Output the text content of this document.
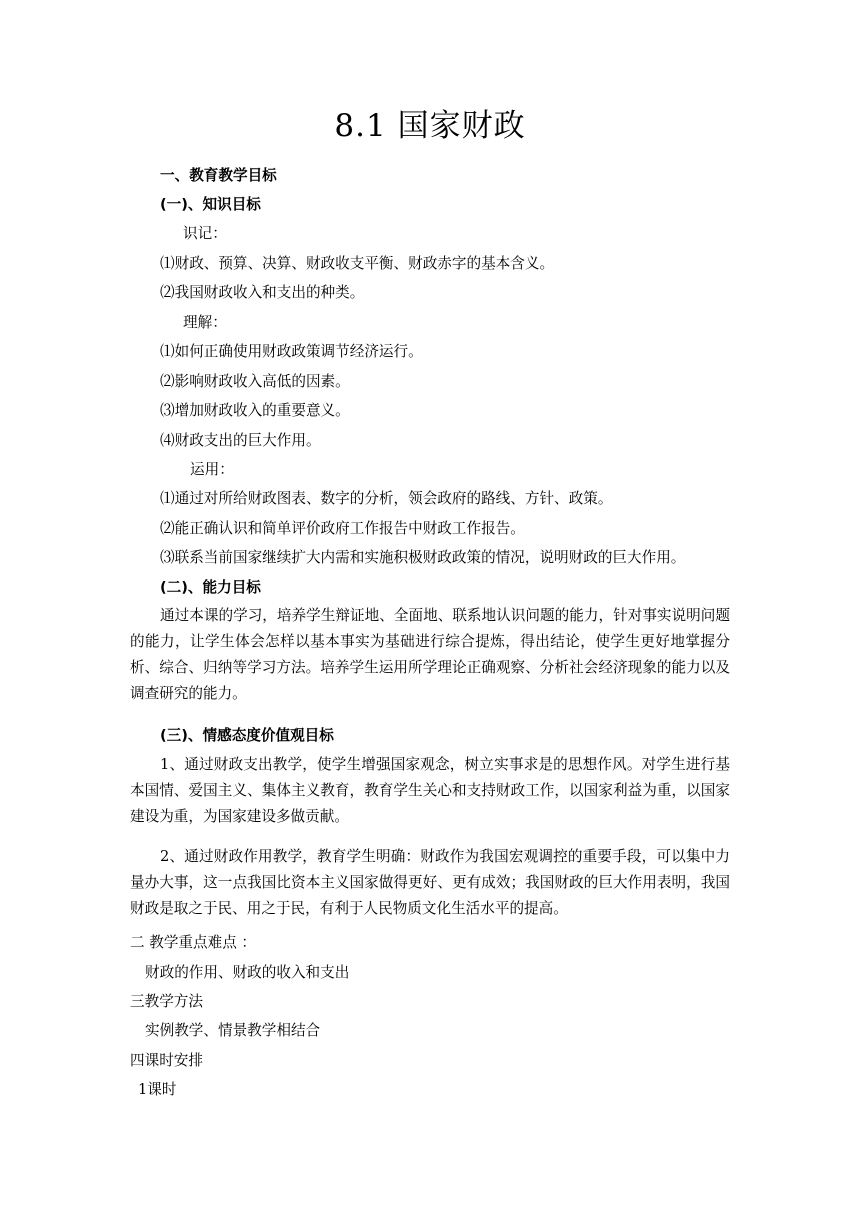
8.1 国家财政
一、教育教学目标
(一)、知识目标
识记：
⑴财政、预算、决算、财政收支平衡、财政赤字的基本含义。
⑵我国财政收入和支出的种类。
理解：
⑴如何正确使用财政政策调节经济运行。
⑵影响财政收入高低的因素。
⑶增加财政收入的重要意义。
⑷财政支出的巨大作用。
运用：
⑴通过对所给财政图表、数字的分析，领会政府的路线、方针、政策。
⑵能正确认识和简单评价政府工作报告中财政工作报告。
⑶联系当前国家继续扩大内需和实施积极财政政策的情况，说明财政的巨大作用。
(二)、能力目标
通过本课的学习，培养学生辩证地、全面地、联系地认识问题的能力，针对事实说明问题的能力，让学生体会怎样以基本事实为基础进行综合提炼，得出结论，使学生更好地掌握分析、综合、归纳等学习方法。培养学生运用所学理论正确观察、分析社会经济现象的能力以及调查研究的能力。
(三)、情感态度价值观目标
1、通过财政支出教学，使学生增强国家观念，树立实事求是的思想作风。对学生进行基本国情、爱国主义、集体主义教育，教育学生关心和支持财政工作，以国家利益为重，以国家建设为重，为国家建设多做贡献。
2、通过财政作用教学，教育学生明确：财政作为我国宏观调控的重要手段，可以集中力量办大事，这一点我国比资本主义国家做得更好、更有成效；我国财政的巨大作用表明，我国财政是取之于民、用之于民，有利于人民物质文化生活水平的提高。
二 教学重点难点 ：
财政的作用、财政的收入和支出
三教学方法
实例教学、情景教学相结合
四课时安排
1课时
